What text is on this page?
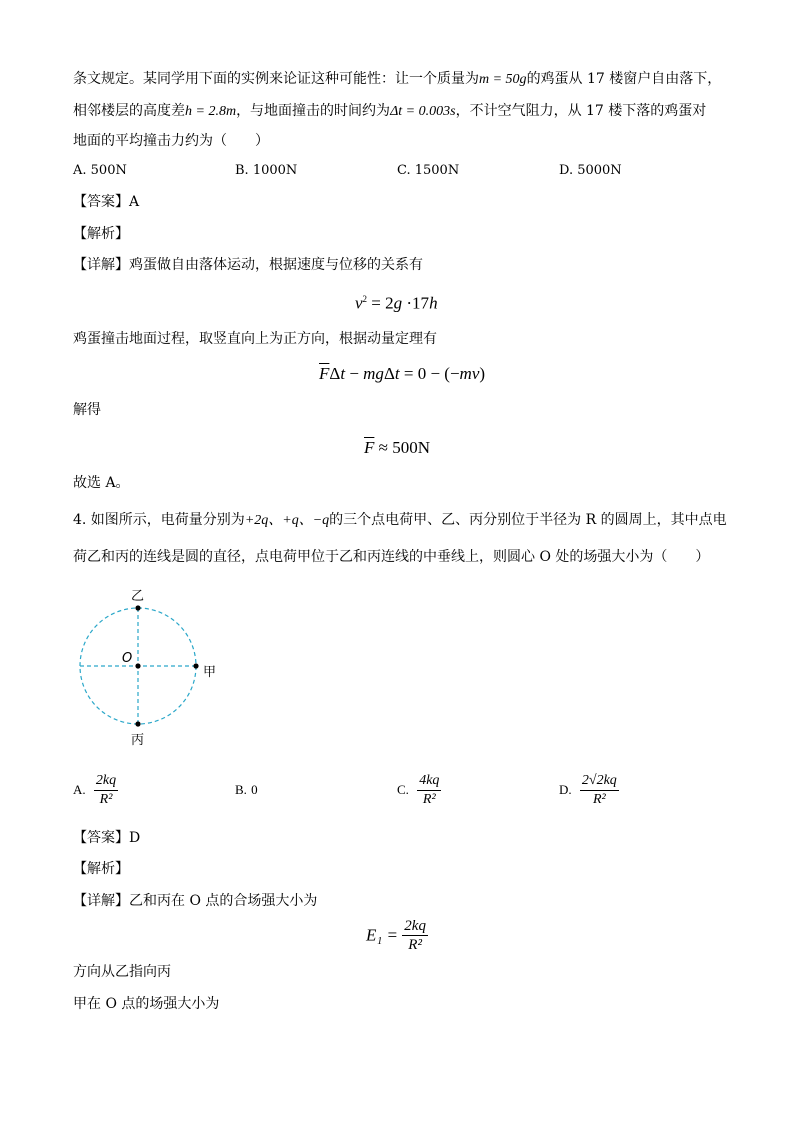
条文规定。某同学用下面的实例来论证这种可能性：让一个质量为m = 50g的鸡蛋从 17 楼窗户自由落下，
相邻楼层的高度差h = 2.8m，与地面撞击的时间约为Δt = 0.003s，不计空气阻力，从 17 楼下落的鸡蛋对
地面的平均撞击力约为（　　）
A. 500N	B. 1000N	C. 1500N	D. 5000N
【答案】A
【解析】
【详解】鸡蛋做自由落体运动，根据速度与位移的关系有
$v^2 = 2g \cdot 17h$
鸡蛋撞击地面过程，取竖直向上为正方向，根据动量定理有
$\overline{F}\Delta t - mg\Delta t = 0 - (-mv)$
解得
$\overline{F} \approx 500N$
故选 A。
4. 如图所示，电荷量分别为+2q、+q、−q的三个点电荷甲、乙、丙分别位于半径为 R 的圆周上，其中点电
荷乙和丙的连线是圆的直径，点电荷甲位于乙和丙连线的中垂线上，则圆心 O 处的场强大小为（　　）
乙
O
甲
丙
A. $\frac{2kq}{\text{R²}}$	B. 0	C. $\frac{4kq}{\text{R²}}$	D. $\frac{2√2kq}{\text{R²}}$
【答案】D
【解析】
【详解】乙和丙在 O 点的合场强大小为
$E_1 = \frac{2kq}{\text{R²}}$
方向从乙指向丙
甲在 O 点的场强大小为
